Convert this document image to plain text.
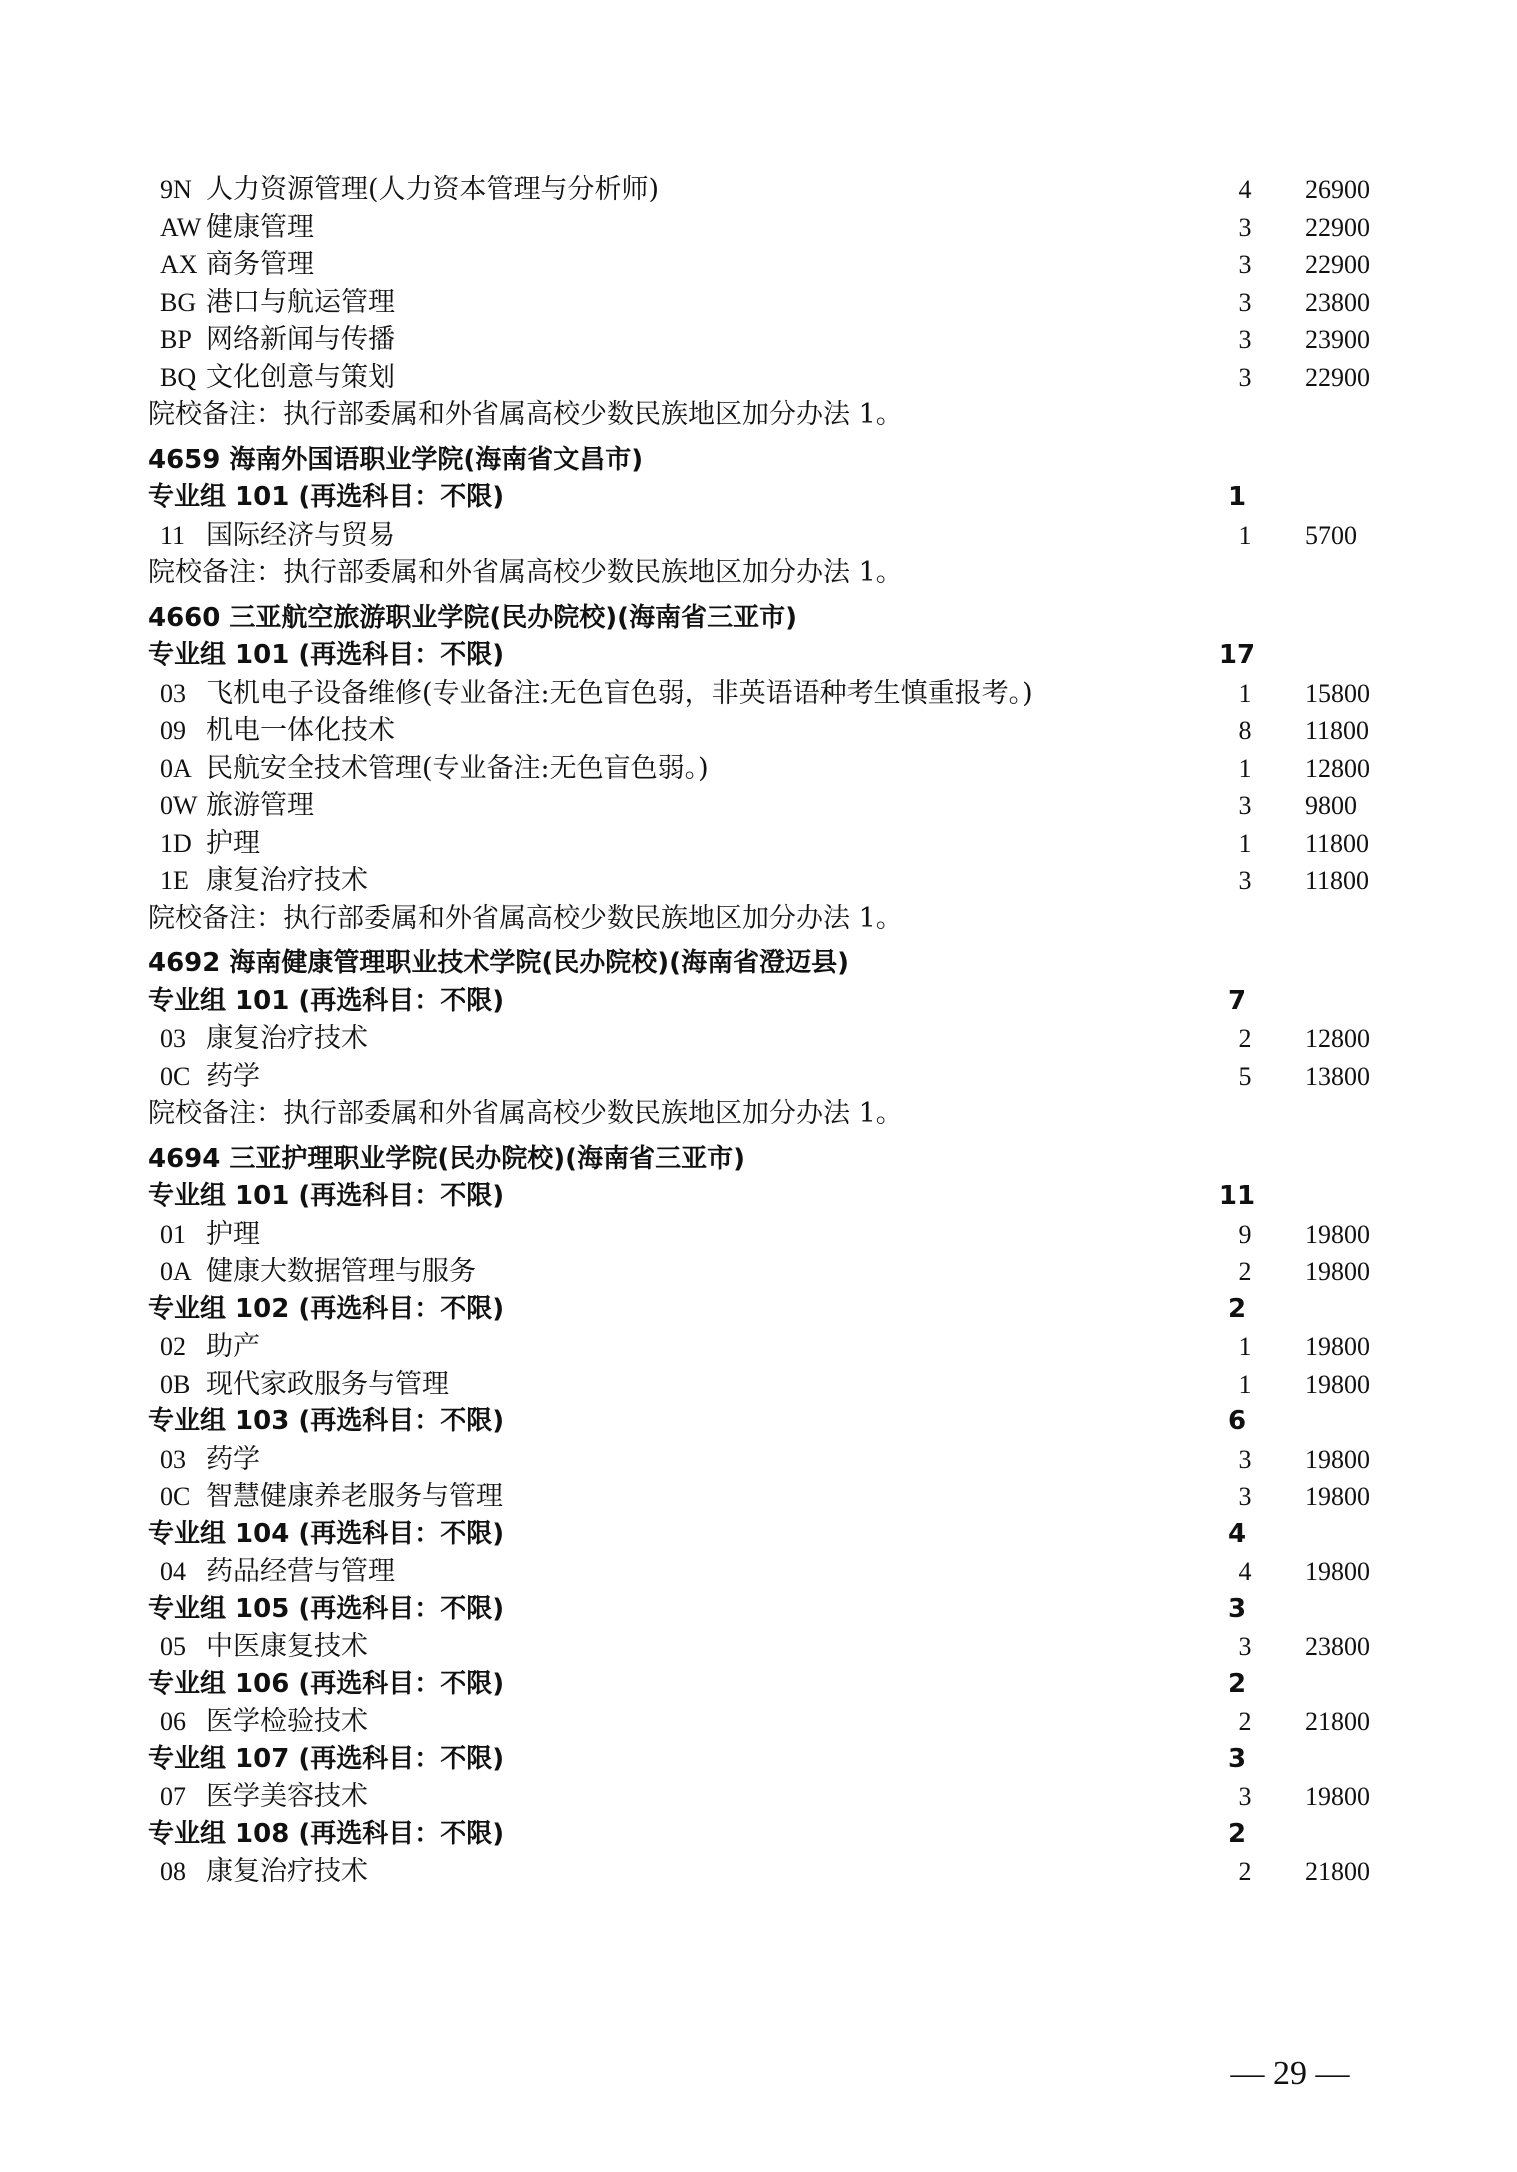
9N 人力资源管理(人力资本管理与分析师)	4	26900
AW 健康管理	3	22900
AX 商务管理	3	22900
BG 港口与航运管理	3	23800
BP 网络新闻与传播	3	23900
BQ 文化创意与策划	3	22900
院校备注：执行部委属和外省属高校少数民族地区加分办法 1。
4659 海南外国语职业学院(海南省文昌市)
专业组 101 (再选科目：不限)	1
11 国际经济与贸易	1	5700
院校备注：执行部委属和外省属高校少数民族地区加分办法 1。
4660 三亚航空旅游职业学院(民办院校)(海南省三亚市)
专业组 101 (再选科目：不限)	17
03 飞机电子设备维修(专业备注:无色盲色弱，非英语语种考生慎重报考。)	1	15800
09 机电一体化技术	8	11800
0A 民航安全技术管理(专业备注:无色盲色弱。)	1	12800
0W 旅游管理	3	9800
1D 护理	1	11800
1E 康复治疗技术	3	11800
院校备注：执行部委属和外省属高校少数民族地区加分办法 1。
4692 海南健康管理职业技术学院(民办院校)(海南省澄迈县)
专业组 101 (再选科目：不限)	7
03 康复治疗技术	2	12800
0C 药学	5	13800
院校备注：执行部委属和外省属高校少数民族地区加分办法 1。
4694 三亚护理职业学院(民办院校)(海南省三亚市)
专业组 101 (再选科目：不限)	11
01 护理	9	19800
0A 健康大数据管理与服务	2	19800
专业组 102 (再选科目：不限)	2
02 助产	1	19800
0B 现代家政服务与管理	1	19800
专业组 103 (再选科目：不限)	6
03 药学	3	19800
0C 智慧健康养老服务与管理	3	19800
专业组 104 (再选科目：不限)	4
04 药品经营与管理	4	19800
专业组 105 (再选科目：不限)	3
05 中医康复技术	3	23800
专业组 106 (再选科目：不限)	2
06 医学检验技术	2	21800
专业组 107 (再选科目：不限)	3
07 医学美容技术	3	19800
专业组 108 (再选科目：不限)	2
08 康复治疗技术	2	21800
— 29 —
